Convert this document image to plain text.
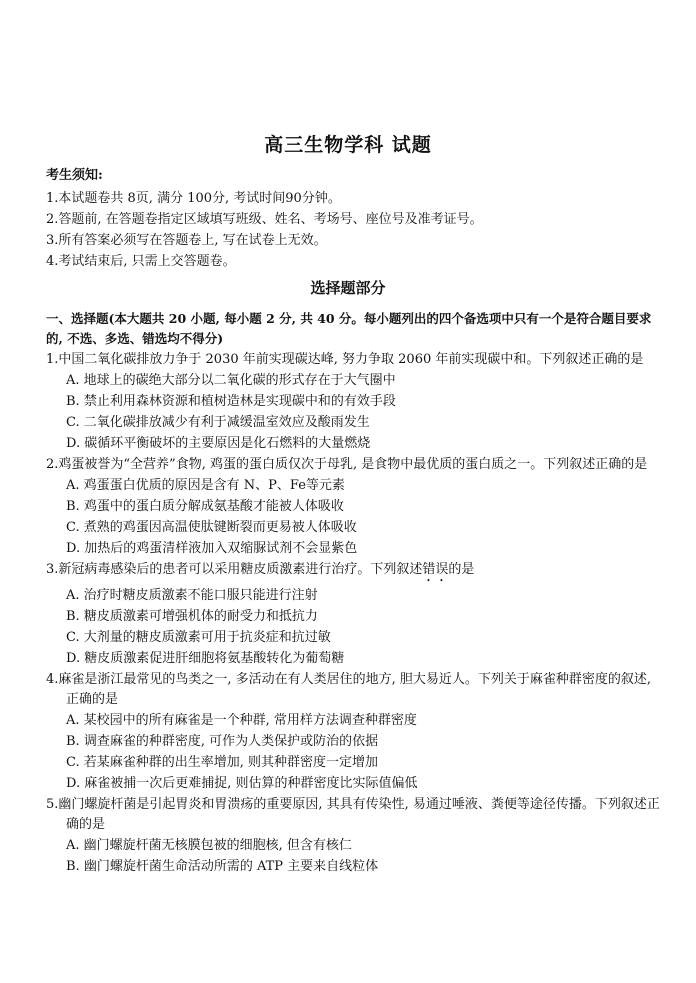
高三生物学科 试题
考生须知:
1.本试题卷共 8页, 满分 100分, 考试时间90分钟。
2.答题前, 在答题卷指定区域填写班级、姓名、考场号、座位号及准考证号。
3.所有答案必须写在答题卷上, 写在试卷上无效。
4.考试结束后, 只需上交答题卷。
选择题部分
一、选择题(本大题共 20 小题, 每小题 2 分, 共 40 分。每小题列出的四个备选项中只有一个是符合题目要求的, 不选、多选、错选均不得分)
1.中国二氧化碳排放力争于 2030 年前实现碳达峰, 努力争取 2060 年前实现碳中和。下列叙述正确的是
A. 地球上的碳绝大部分以二氧化碳的形式存在于大气圈中
B. 禁止利用森林资源和植树造林是实现碳中和的有效手段
C. 二氧化碳排放减少有利于减缓温室效应及酸雨发生
D. 碳循环平衡破坏的主要原因是化石燃料的大量燃烧
2.鸡蛋被誉为“全营养”食物, 鸡蛋的蛋白质仅次于母乳, 是食物中最优质的蛋白质之一。下列叙述正确的是
A. 鸡蛋蛋白优质的原因是含有 N、P、Fe等元素
B. 鸡蛋中的蛋白质分解成氨基酸才能被人体吸收
C. 煮熟的鸡蛋因高温使肽键断裂而更易被人体吸收
D. 加热后的鸡蛋清样液加入双缩脲试剂不会显紫色
3.新冠病毒感染后的患者可以采用糖皮质激素进行治疗。下列叙述错误的是
A. 治疗时糖皮质激素不能口服只能进行注射
B. 糖皮质激素可增强机体的耐受力和抵抗力
C. 大剂量的糖皮质激素可用于抗炎症和抗过敏
D. 糖皮质激素促进肝细胞将氨基酸转化为葡萄糖
4.麻雀是浙江最常见的鸟类之一, 多活动在有人类居住的地方, 胆大易近人。下列关于麻雀种群密度的叙述, 正确的是
A. 某校园中的所有麻雀是一个种群, 常用样方法调查种群密度
B. 调查麻雀的种群密度, 可作为人类保护或防治的依据
C. 若某麻雀种群的出生率增加, 则其种群密度一定增加
D. 麻雀被捕一次后更难捕捉, 则估算的种群密度比实际值偏低
5.幽门螺旋杆菌是引起胃炎和胃溃疡的重要原因, 其具有传染性, 易通过唾液、粪便等途径传播。下列叙述正确的是
A. 幽门螺旋杆菌无核膜包被的细胞核, 但含有核仁
B. 幽门螺旋杆菌生命活动所需的 ATP 主要来自线粒体
